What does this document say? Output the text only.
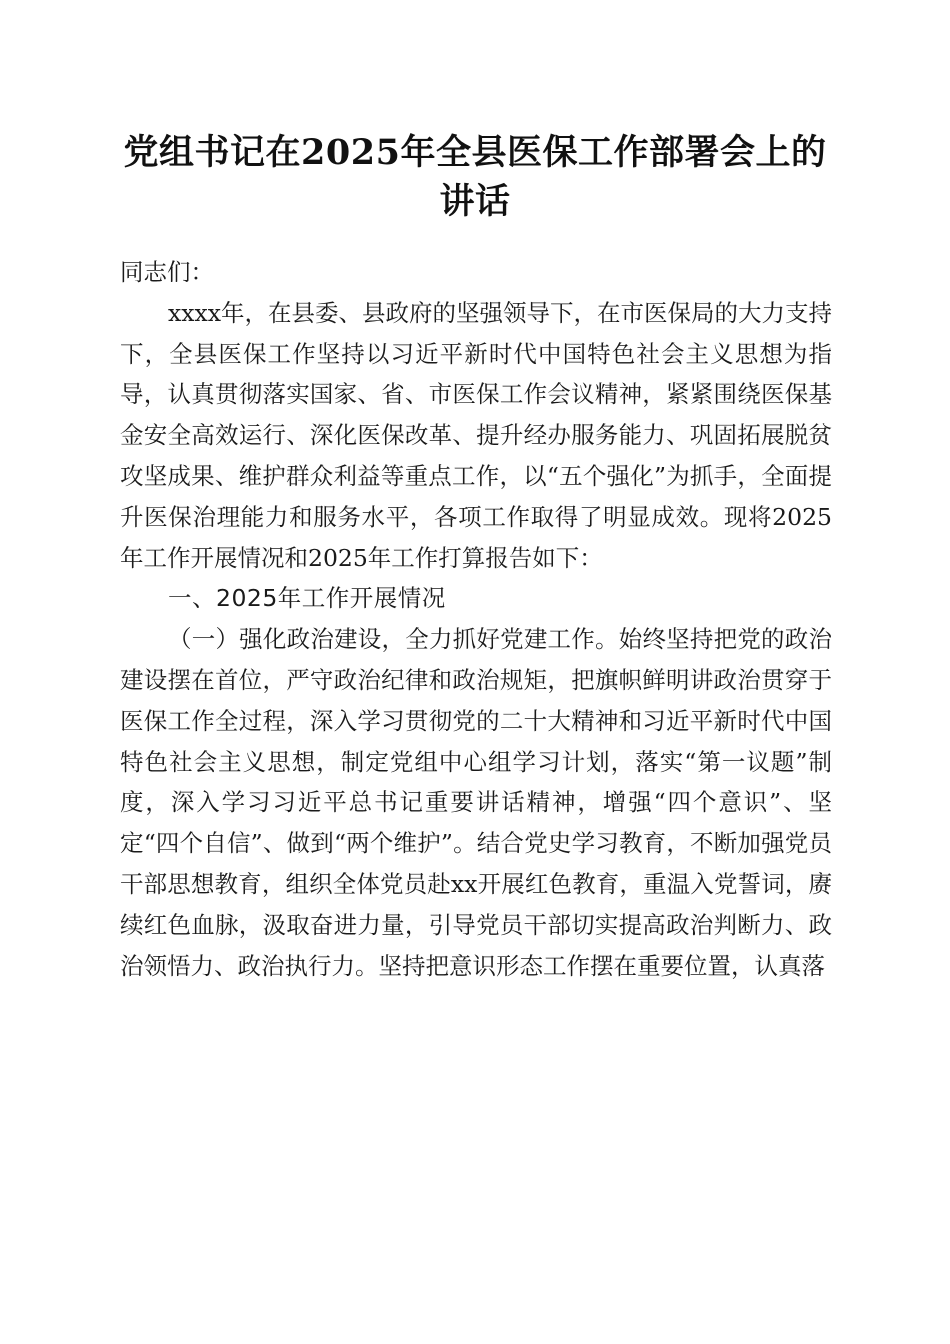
党组书记在2025年全县医保工作部署会上的
讲话

同志们：

xxxx年，在县委、县政府的坚强领导下，在市医保局的大力支持下，全县医保工作坚持以习近平新时代中国特色社会主义思想为指导，认真贯彻落实国家、省、市医保工作会议精神，紧紧围绕医保基金安全高效运行、深化医保改革、提升经办服务能力、巩固拓展脱贫攻坚成果、维护群众利益等重点工作，以“五个强化”为抓手，全面提升医保治理能力和服务水平，各项工作取得了明显成效。现将2025年工作开展情况和2025年工作打算报告如下：

一、2025年工作开展情况

（一）强化政治建设，全力抓好党建工作。始终坚持把党的政治建设摆在首位，严守政治纪律和政治规矩，把旗帜鲜明讲政治贯穿于医保工作全过程，深入学习贯彻党的二十大精神和习近平新时代中国特色社会主义思想，制定党组中心组学习计划，落实“第一议题”制度，深入学习习近平总书记重要讲话精神，增强“四个意识”、坚定“四个自信”、做到“两个维护”。结合党史学习教育，不断加强党员干部思想教育，组织全体党员赴xx开展红色教育，重温入党誓词，赓续红色血脉，汲取奋进力量，引导党员干部切实提高政治判断力、政治领悟力、政治执行力。坚持把意识形态工作摆在重要位置，认真落
